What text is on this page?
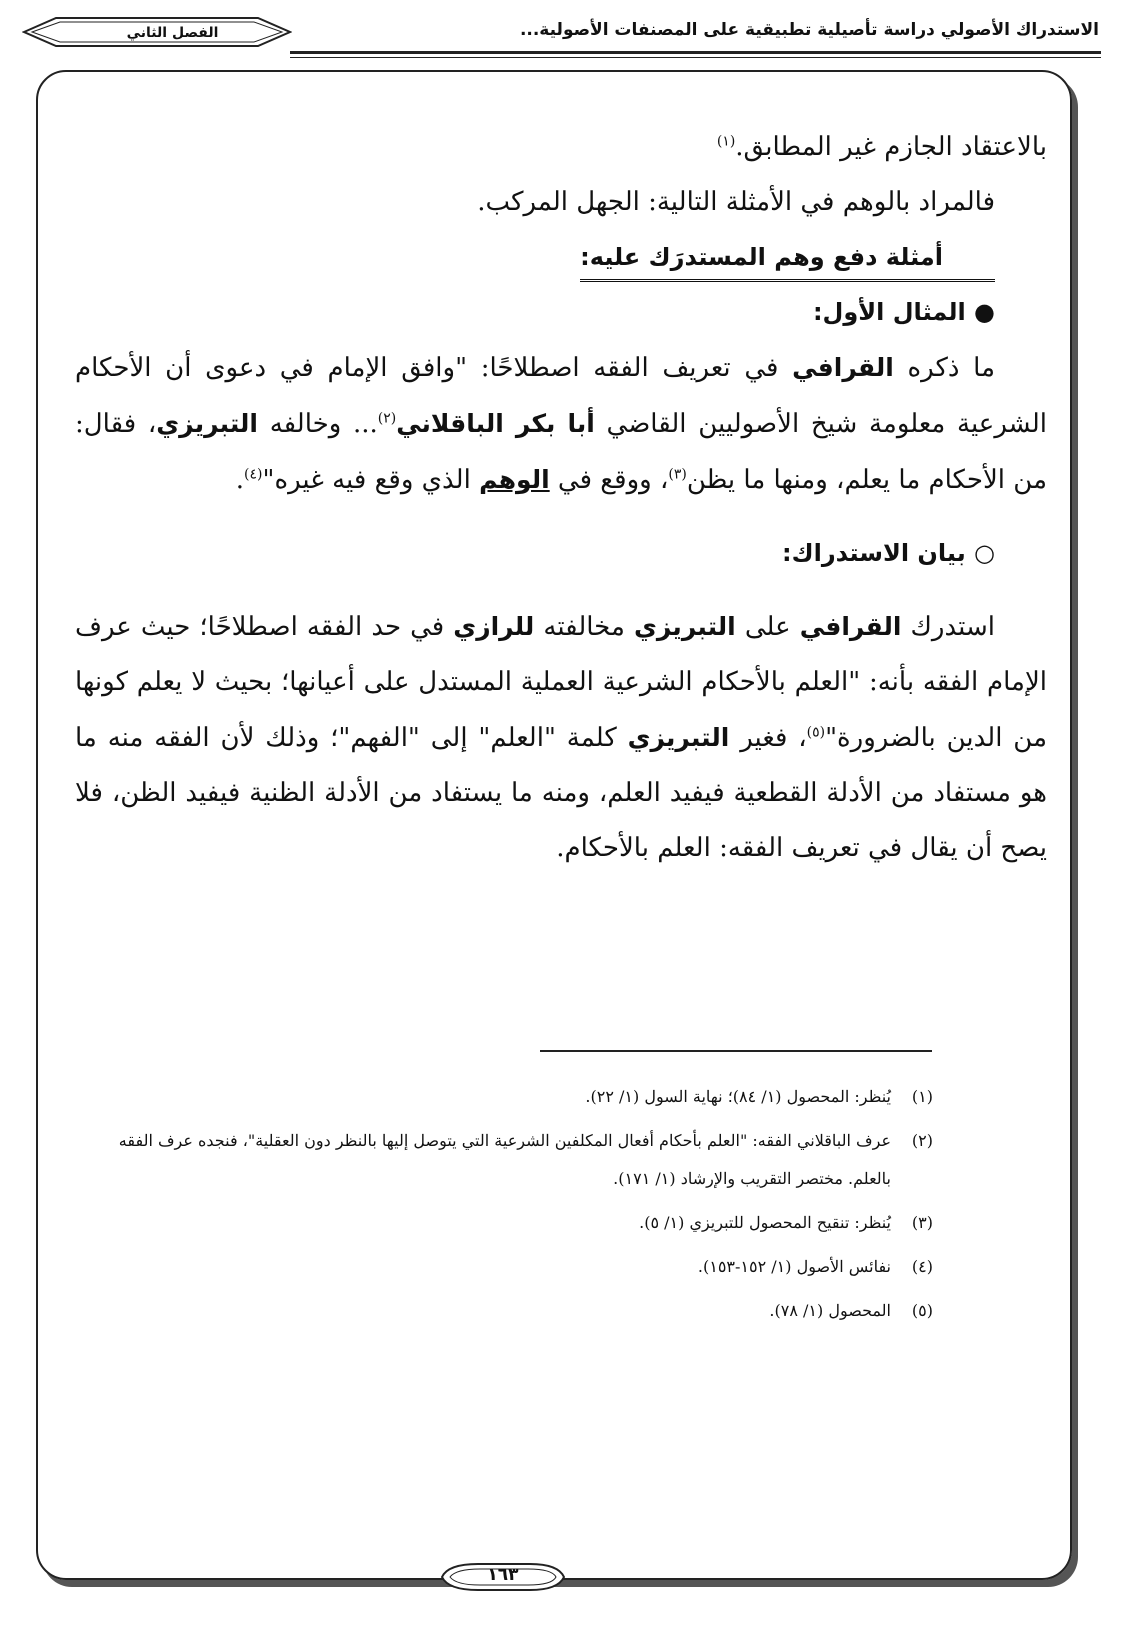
الاستدراك الأصولي دراسة تأصيلية تطبيقية على المصنفات الأصولية...
الفصل الثاني

بالاعتقاد الجازم غير المطابق.$^{(١)}$

فالمراد بالوهم في الأمثلة التالية: الجهل المركب.

أمثلة دفع وهم المستدرَك عليه:

● المثال الأول:

ما ذكره القرافي في تعريف الفقه اصطلاحًا: "وافق الإمام في دعوى أن الأحكام الشرعية معلومة شيخ الأصوليين القاضي أبا بكر الباقلاني$^{(٢)}$... وخالفه التبريزي، فقال: من الأحكام ما يعلم، ومنها ما يظن$^{(٣)}$، ووقع في الوهم الذي وقع فيه غيره"$^{(٤)}$.

○ بيان الاستدراك:

استدرك القرافي على التبريزي مخالفته للرازي في حد الفقه اصطلاحًا؛ حيث عرف الإمام الفقه بأنه: "العلم بالأحكام الشرعية العملية المستدل على أعيانها؛ بحيث لا يعلم كونها من الدين بالضرورة"$^{(٥)}$، فغير التبريزي كلمة "العلم" إلى "الفهم"؛ وذلك لأن الفقه منه ما هو مستفاد من الأدلة القطعية فيفيد العلم، ومنه ما يستفاد من الأدلة الظنية فيفيد الظن، فلا يصح أن يقال في تعريف الفقه: العلم بالأحكام.

( ١ )
يُنظر: المحصول (١/ ٨٤)؛ نهاية السول (١/ ٢٢).

( ٢ )
عرف الباقلاني الفقه: "العلم بأحكام أفعال المكلفين الشرعية التي يتوصل إليها بالنظر دون العقلية"، فنجده عرف الفقه بالعلم. مختصر التقريب والإرشاد (١/ ١٧١).

( ٣ )
يُنظر: تنقيح المحصول للتبريزي (١/ ٥).

( ٤ )
نفائس الأصول (١/ ١٥٢-١٥٣).

( ٥ )
المحصول (١/ ٧٨).

١٦٣
